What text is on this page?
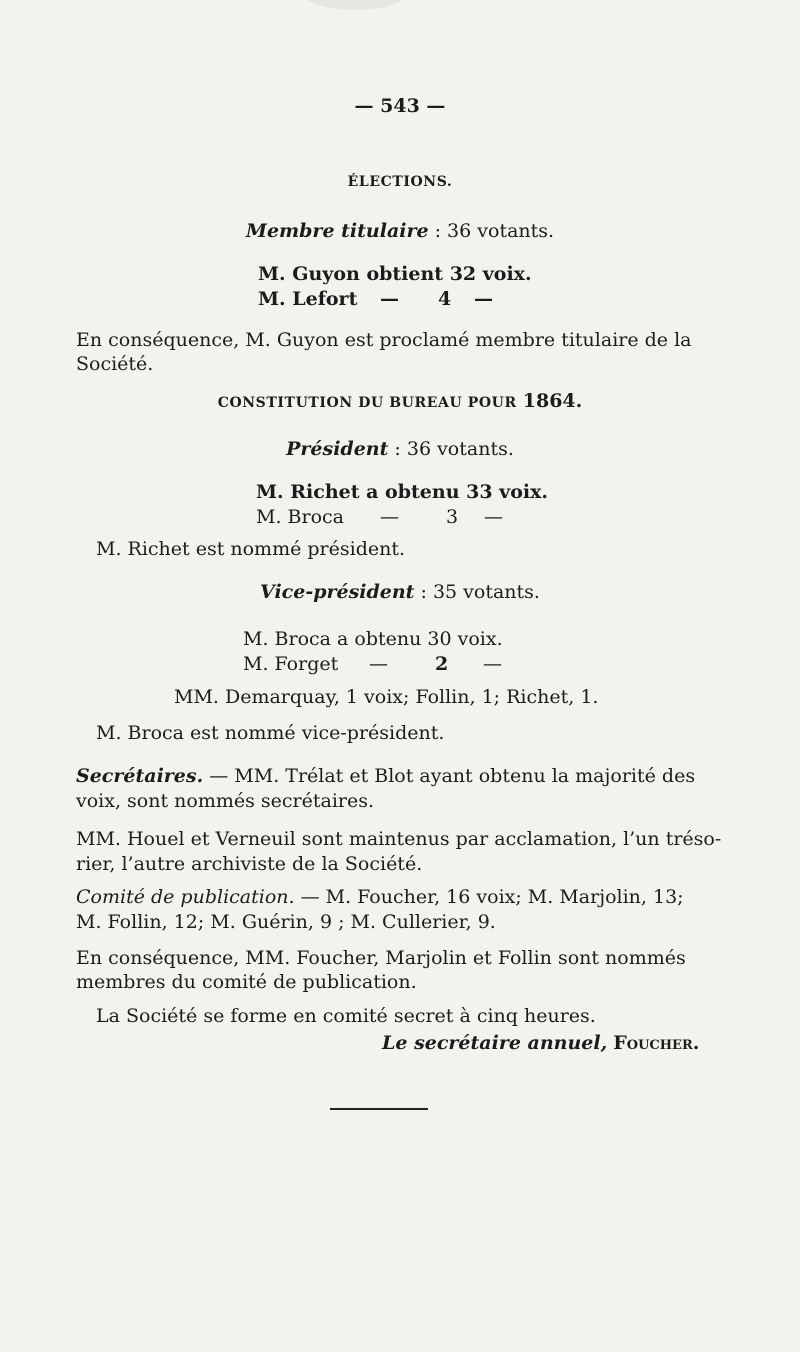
— 543 —
ÉLECTIONS.
Membre titulaire : 36 votants.
M. Guyon obtient 32 voix.
M. Lefort — 4 —
En conséquence, M. Guyon est proclamé membre titulaire de la
Société.
CONSTITUTION DU BUREAU POUR 1864.
Président : 36 votants.
M. Richet a obtenu 33 voix.
M. Broca — 3 —
M. Richet est nommé président.
Vice-président : 35 votants.
M. Broca a obtenu 30 voix.
M. Forget — 2 —
MM. Demarquay, 1 voix; Follin, 1; Richet, 1.
M. Broca est nommé vice-président.
Secrétaires. — MM. Trélat et Blot ayant obtenu la majorité des
voix, sont nommés secrétaires.
MM. Houel et Verneuil sont maintenus par acclamation, l’un tréso-
rier, l’autre archiviste de la Société.
Comité de publication. — M. Foucher, 16 voix; M. Marjolin, 13;
M. Follin, 12; M. Guérin, 9 ; M. Cullerier, 9.
En conséquence, MM. Foucher, Marjolin et Follin sont nommés
membres du comité de publication.
La Société se forme en comité secret à cinq heures.
Le secrétaire annuel, Foucher.
